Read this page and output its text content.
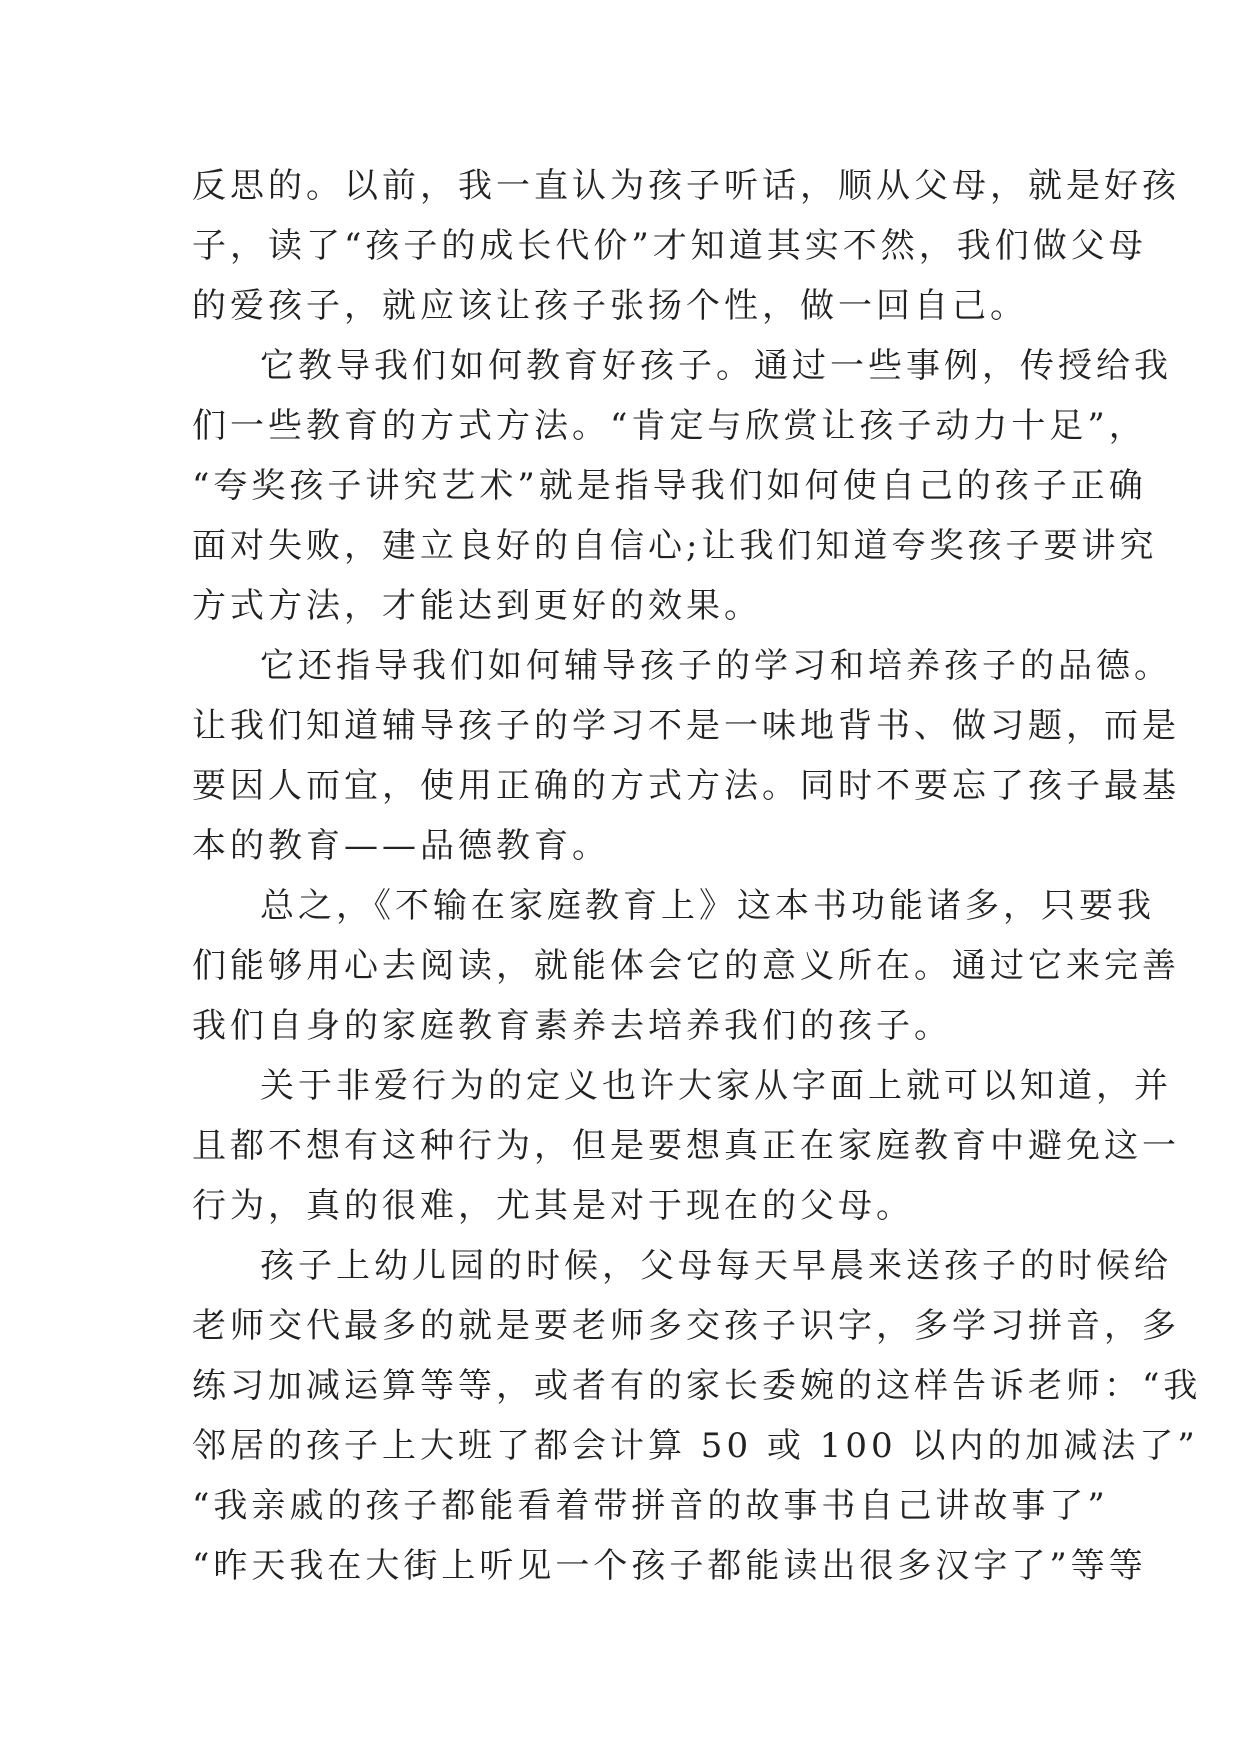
反思的。以前，我一直认为孩子听话，顺从父母，就是好孩
子，读了“孩子的成长代价”才知道其实不然，我们做父母
的爱孩子，就应该让孩子张扬个性，做一回自己。
它教导我们如何教育好孩子。通过一些事例，传授给我
们一些教育的方式方法。“肯定与欣赏让孩子动力十足”，
“夸奖孩子讲究艺术”就是指导我们如何使自己的孩子正确
面对失败，建立良好的自信心;让我们知道夸奖孩子要讲究
方式方法，才能达到更好的效果。
它还指导我们如何辅导孩子的学习和培养孩子的品德。
让我们知道辅导孩子的学习不是一味地背书、做习题，而是
要因人而宜，使用正确的方式方法。同时不要忘了孩子最基
本的教育——品德教育。
总之，《不输在家庭教育上》这本书功能诸多，只要我
们能够用心去阅读，就能体会它的意义所在。通过它来完善
我们自身的家庭教育素养去培养我们的孩子。
关于非爱行为的定义也许大家从字面上就可以知道，并
且都不想有这种行为，但是要想真正在家庭教育中避免这一
行为，真的很难，尤其是对于现在的父母。
孩子上幼儿园的时候，父母每天早晨来送孩子的时候给
老师交代最多的就是要老师多交孩子识字，多学习拼音，多
练习加减运算等等，或者有的家长委婉的这样告诉老师：“我
邻居的孩子上大班了都会计算 50 或 100 以内的加减法了”
“我亲戚的孩子都能看着带拼音的故事书自己讲故事了”
“昨天我在大街上听见一个孩子都能读出很多汉字了”等等
